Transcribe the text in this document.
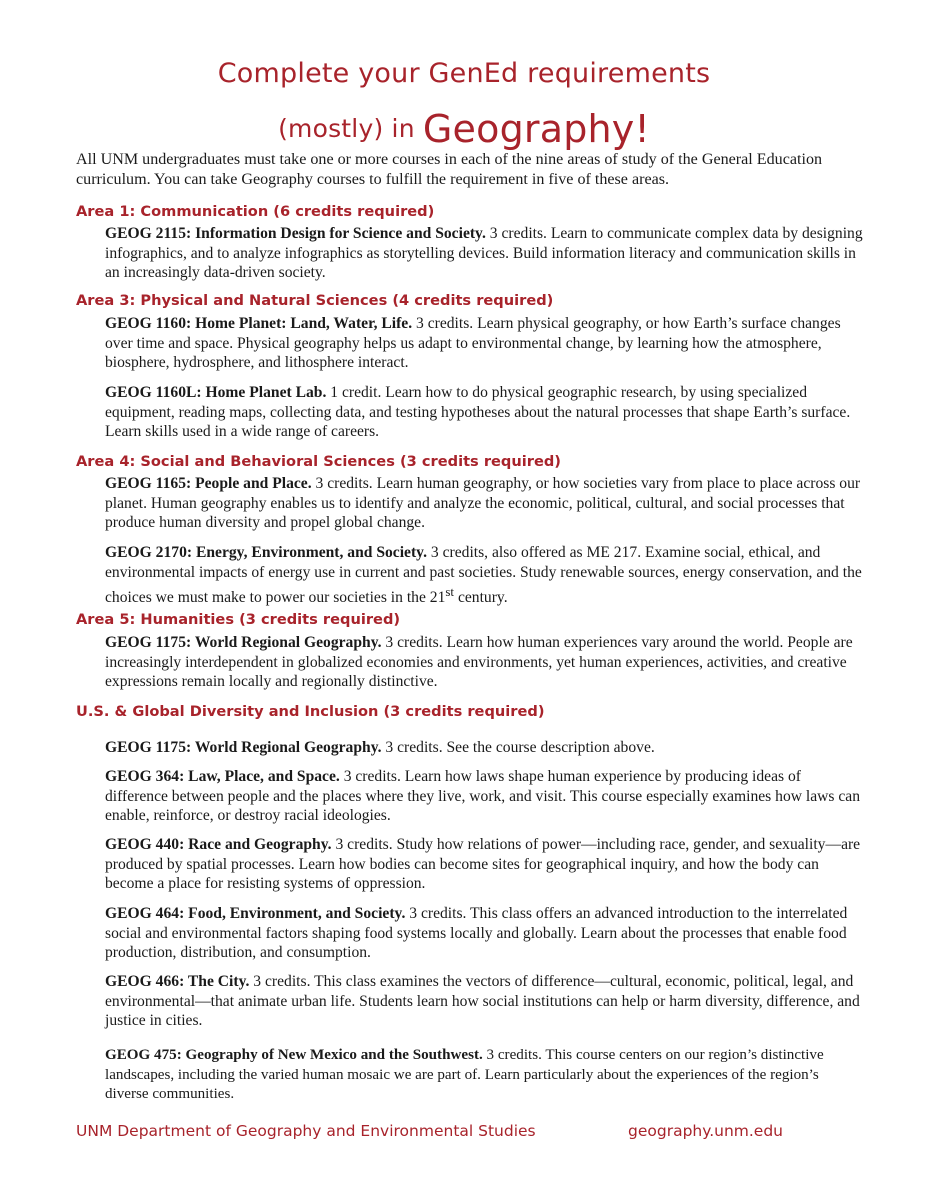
Complete your GenEd requirements
(mostly) in Geography!

All UNM undergraduates must take one or more courses in each of the nine areas of study of the General Education curriculum. You can take Geography courses to fulfill the requirement in five of these areas.

Area 1: Communication (6 credits required)

GEOG 2115: Information Design for Science and Society. 3 credits. Learn to communicate complex data by designing infographics, and to analyze infographics as storytelling devices. Build information literacy and communication skills in an increasingly data-driven society.

Area 3: Physical and Natural Sciences (4 credits required)

GEOG 1160: Home Planet: Land, Water, Life. 3 credits. Learn physical geography, or how Earth’s surface changes over time and space. Physical geography helps us adapt to environmental change, by learning how the atmosphere, biosphere, hydrosphere, and lithosphere interact.

GEOG 1160L: Home Planet Lab. 1 credit. Learn how to do physical geographic research, by using specialized equipment, reading maps, collecting data, and testing hypotheses about the natural processes that shape Earth’s surface. Learn skills used in a wide range of careers.

Area 4: Social and Behavioral Sciences (3 credits required)

GEOG 1165: People and Place. 3 credits. Learn human geography, or how societies vary from place to place across our planet. Human geography enables us to identify and analyze the economic, political, cultural, and social processes that produce human diversity and propel global change.

GEOG 2170: Energy, Environment, and Society. 3 credits, also offered as ME 217. Examine social, ethical, and environmental impacts of energy use in current and past societies. Study renewable sources, energy conservation, and the choices we must make to power our societies in the 21st century.

Area 5: Humanities (3 credits required)

GEOG 1175: World Regional Geography. 3 credits. Learn how human experiences vary around the world. People are increasingly interdependent in globalized economies and environments, yet human experiences, activities, and creative expressions remain locally and regionally distinctive.

U.S. & Global Diversity and Inclusion (3 credits required)

GEOG 1175: World Regional Geography. 3 credits. See the course description above.

GEOG 364: Law, Place, and Space. 3 credits. Learn how laws shape human experience by producing ideas of difference between people and the places where they live, work, and visit. This course especially examines how laws can enable, reinforce, or destroy racial ideologies.

GEOG 440: Race and Geography. 3 credits. Study how relations of power—including race, gender, and sexuality—are produced by spatial processes. Learn how bodies can become sites for geographical inquiry, and how the body can become a place for resisting systems of oppression.

GEOG 464: Food, Environment, and Society. 3 credits. This class offers an advanced introduction to the interrelated social and environmental factors shaping food systems locally and globally. Learn about the processes that enable food production, distribution, and consumption.

GEOG 466: The City. 3 credits. This class examines the vectors of difference—cultural, economic, political, legal, and environmental—that animate urban life. Students learn how social institutions can help or harm diversity, difference, and justice in cities.

GEOG 475: Geography of New Mexico and the Southwest. 3 credits. This course centers on our region’s distinctive landscapes, including the varied human mosaic we are part of. Learn particularly about the experiences of the region’s diverse communities.

UNM Department of Geography and Environmental Studies	geography.unm.edu
